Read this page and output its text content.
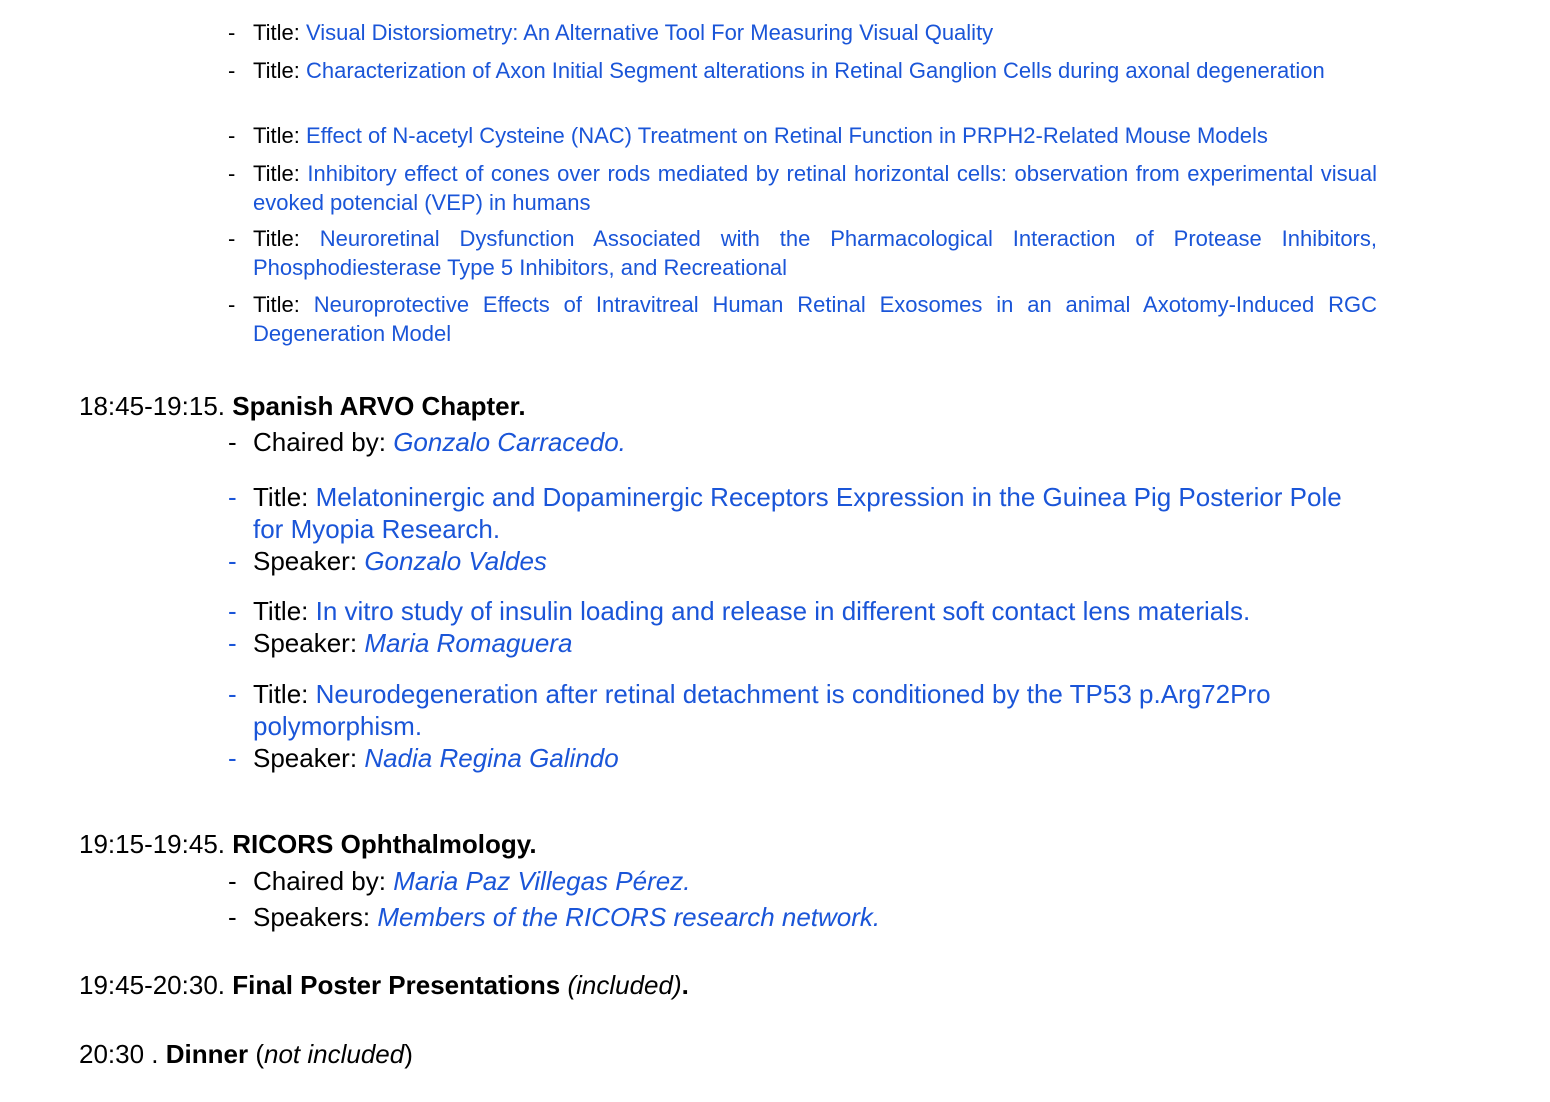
- Title: Visual Distorsiometry: An Alternative Tool For Measuring Visual Quality
- Title: Characterization of Axon Initial Segment alterations in Retinal Ganglion Cells during axonal degeneration
- Title: Effect of N-acetyl Cysteine (NAC) Treatment on Retinal Function in PRPH2-Related Mouse Models
- Title: Inhibitory effect of cones over rods mediated by retinal horizontal cells: observation from experimental visual evoked potencial (VEP) in humans
- Title: Neuroretinal Dysfunction Associated with the Pharmacological Interaction of Protease Inhibitors, Phosphodiesterase Type 5 Inhibitors, and Recreational
- Title: Neuroprotective Effects of Intravitreal Human Retinal Exosomes in an animal Axotomy-Induced RGC Degeneration Model
18:45-19:15. Spanish ARVO Chapter.
- Chaired by: Gonzalo Carracedo.
- Title: Melatoninergic and Dopaminergic Receptors Expression in the Guinea Pig Posterior Pole for Myopia Research.
- Speaker: Gonzalo Valdes
- Title: In vitro study of insulin loading and release in different soft contact lens materials.
- Speaker: Maria Romaguera
- Title: Neurodegeneration after retinal detachment is conditioned by the TP53 p.Arg72Pro polymorphism.
- Speaker: Nadia Regina Galindo
19:15-19:45. RICORS Ophthalmology.
- Chaired by: Maria Paz Villegas Pérez.
- Speakers: Members of the RICORS research network.
19:45-20:30. Final Poster Presentations (included).
20:30 . Dinner (not included)
